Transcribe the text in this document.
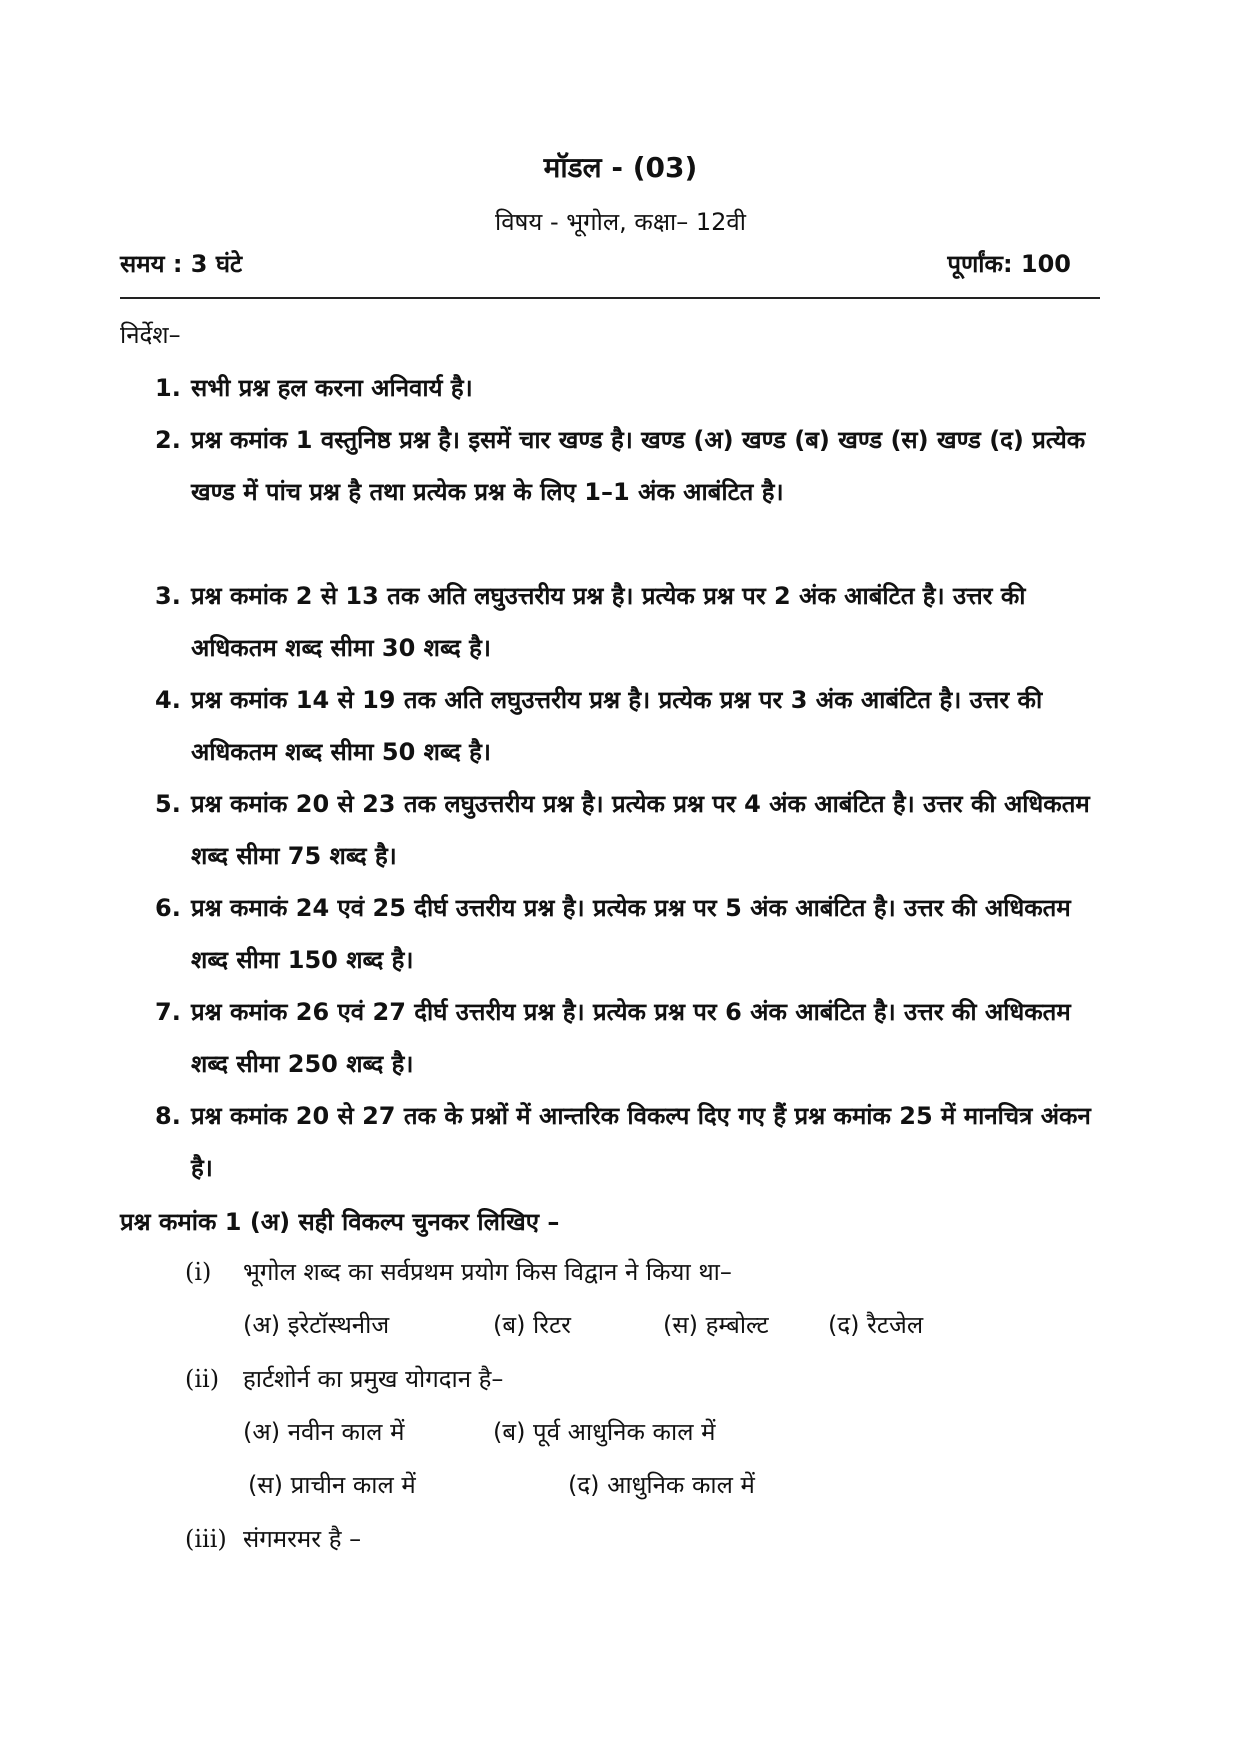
मॉडल - (03)
विषय - भूगोल, कक्षा– 12वी
समय : 3 घंटे	पूर्णांक: 100
निर्देश–
1. सभी प्रश्न हल करना अनिवार्य है।
2. प्रश्न कमांक 1 वस्तुनिष्ठ प्रश्न है। इसमें चार खण्ड है। खण्ड (अ) खण्ड (ब) खण्ड (स) खण्ड (द) प्रत्येक खण्ड में पांच प्रश्न है तथा प्रत्येक प्रश्न के लिए 1–1 अंक आबंटित है।
3. प्रश्न कमांक 2 से 13 तक अति लघुउत्तरीय प्रश्न है। प्रत्येक प्रश्न पर 2 अंक आबंटित है। उत्तर की अधिकतम शब्द सीमा 30 शब्द है।
4. प्रश्न कमांक 14 से 19 तक अति लघुउत्तरीय प्रश्न है। प्रत्येक प्रश्न पर 3 अंक आबंटित है। उत्तर की अधिकतम शब्द सीमा 50 शब्द है।
5. प्रश्न कमांक 20 से 23 तक लघुउत्तरीय प्रश्न है। प्रत्येक प्रश्न पर 4 अंक आबंटित है। उत्तर की अधिकतम शब्द सीमा 75 शब्द है।
6. प्रश्न कमाकं 24 एवं 25 दीर्घ उत्तरीय प्रश्न है। प्रत्येक प्रश्न पर 5 अंक आबंटित है। उत्तर की अधिकतम शब्द सीमा 150 शब्द है।
7. प्रश्न कमांक 26 एवं 27 दीर्घ उत्तरीय प्रश्न है। प्रत्येक प्रश्न पर 6 अंक आबंटित है। उत्तर की अधिकतम शब्द सीमा 250 शब्द है।
8. प्रश्न कमांक 20 से 27 तक के प्रश्नों में आन्तरिक विकल्प दिए गए हैं प्रश्न कमांक 25 में मानचित्र अंकन है।
प्रश्न कमांक 1 (अ) सही विकल्प चुनकर लिखिए –
(i) भूगोल शब्द का सर्वप्रथम प्रयोग किस विद्वान ने किया था–
(अ) इरेटॉस्थनीज	(ब) रिटर	(स) हम्बोल्ट (द) रैटजेल
(ii) हार्टशोर्न का प्रमुख योगदान है–
(अ) नवीन काल में	(ब) पूर्व आधुनिक काल में
(स) प्राचीन काल में	(द) आधुनिक काल में
(iii) संगमरमर है –
